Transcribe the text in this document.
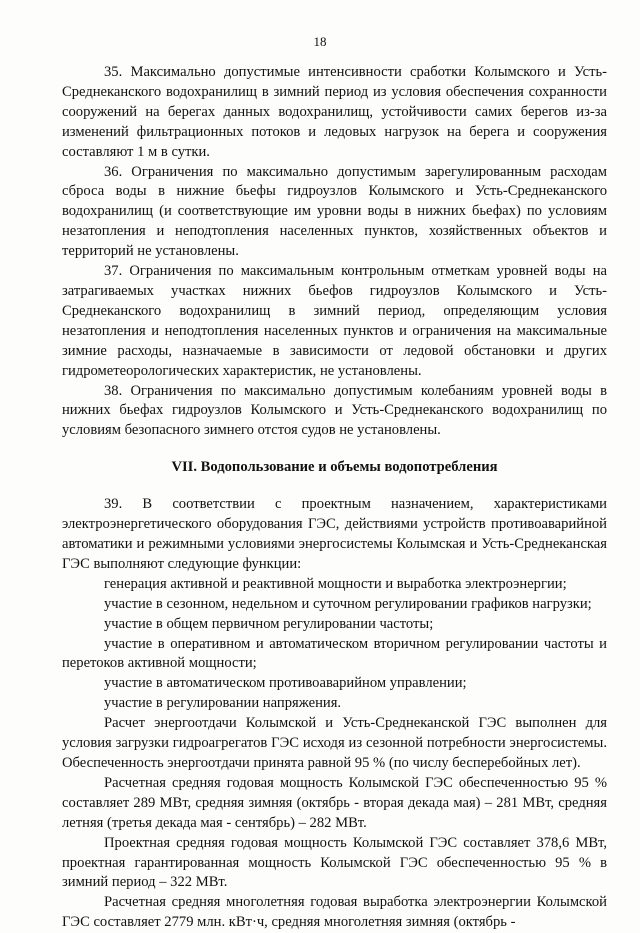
18

35. Максимально допустимые интенсивности сработки Колымского и Усть-Среднеканского водохранилищ в зимний период из условия обеспечения сохранности сооружений на берегах данных водохранилищ, устойчивости самих берегов из-за изменений фильтрационных потоков и ледовых нагрузок на берега и сооружения составляют 1 м в сутки.

36. Ограничения по максимально допустимым зарегулированным расходам сброса воды в нижние бьефы гидроузлов Колымского и Усть-Среднеканского водохранилищ (и соответствующие им уровни воды в нижних бьефах) по условиям незатопления и неподтопления населенных пунктов, хозяйственных объектов и территорий не установлены.

37. Ограничения по максимальным контрольным отметкам уровней воды на затрагиваемых участках нижних бьефов гидроузлов Колымского и Усть-Среднеканского водохранилищ в зимний период, определяющим условия незатопления и неподтопления населенных пунктов и ограничения на максимальные зимние расходы, назначаемые в зависимости от ледовой обстановки и других гидрометеорологических характеристик, не установлены.

38. Ограничения по максимально допустимым колебаниям уровней воды в нижних бьефах гидроузлов Колымского и Усть-Среднеканского водохранилищ по условиям безопасного зимнего отстоя судов не установлены.

VII. Водопользование и объемы водопотребления

39. В соответствии с проектным назначением, характеристиками электроэнергетического оборудования ГЭС, действиями устройств противоаварийной автоматики и режимными условиями энергосистемы Колымская и Усть-Среднеканская ГЭС выполняют следующие функции:

генерация активной и реактивной мощности и выработка электроэнергии;

участие в сезонном, недельном и суточном регулировании графиков нагрузки;

участие в общем первичном регулировании частоты;

участие в оперативном и автоматическом вторичном регулировании частоты и перетоков активной мощности;

участие в автоматическом противоаварийном управлении;

участие в регулировании напряжения.

Расчет энергоотдачи Колымской и Усть-Среднеканской ГЭС выполнен для условия загрузки гидроагрегатов ГЭС исходя из сезонной потребности энергосистемы. Обеспеченность энергоотдачи принята равной 95 % (по числу бесперебойных лет).

Расчетная средняя годовая мощность Колымской ГЭС обеспеченностью 95 % составляет 289 МВт, средняя зимняя (октябрь - вторая декада мая) – 281 МВт, средняя летняя (третья декада мая - сентябрь) – 282 МВт.

Проектная средняя годовая мощность Колымской ГЭС составляет 378,6 МВт, проектная гарантированная мощность Колымской ГЭС обеспеченностью 95 % в зимний период – 322 МВт.

Расчетная средняя многолетняя годовая выработка электроэнергии Колымской ГЭС составляет 2779 млн. кВт·ч, средняя многолетняя зимняя (октябрь -
